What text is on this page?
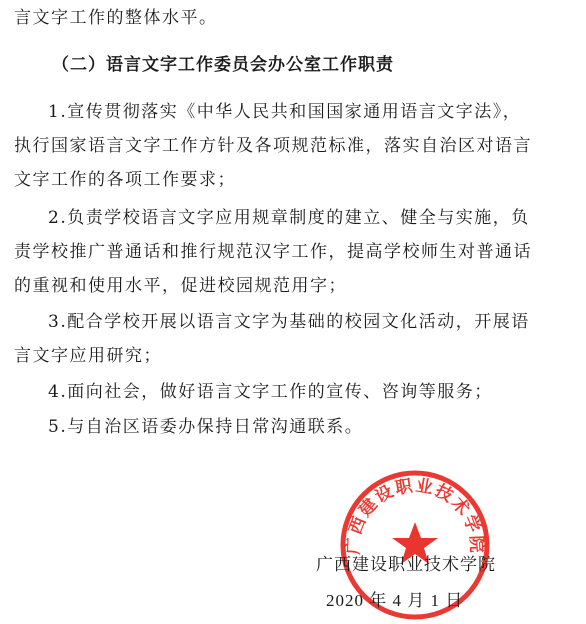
言文字工作的整体水平。
（二）语言文字工作委员会办公室工作职责
1.宣传贯彻落实《中华人民共和国国家通用语言文字法》，
执行国家语言文字工作方针及各项规范标准，落实自治区对语言
文字工作的各项工作要求；
2.负责学校语言文字应用规章制度的建立、健全与实施，负
责学校推广普通话和推行规范汉字工作，提高学校师生对普通话
的重视和使用水平，促进校园规范用字；
3.配合学校开展以语言文字为基础的校园文化活动，开展语
言文字应用研究；
4.面向社会，做好语言文字工作的宣传、咨询等服务；
5.与自治区语委办保持日常沟通联系。
广西建设职业技术学院
广西建设职业技术学院
2020 年 4 月 1 日
